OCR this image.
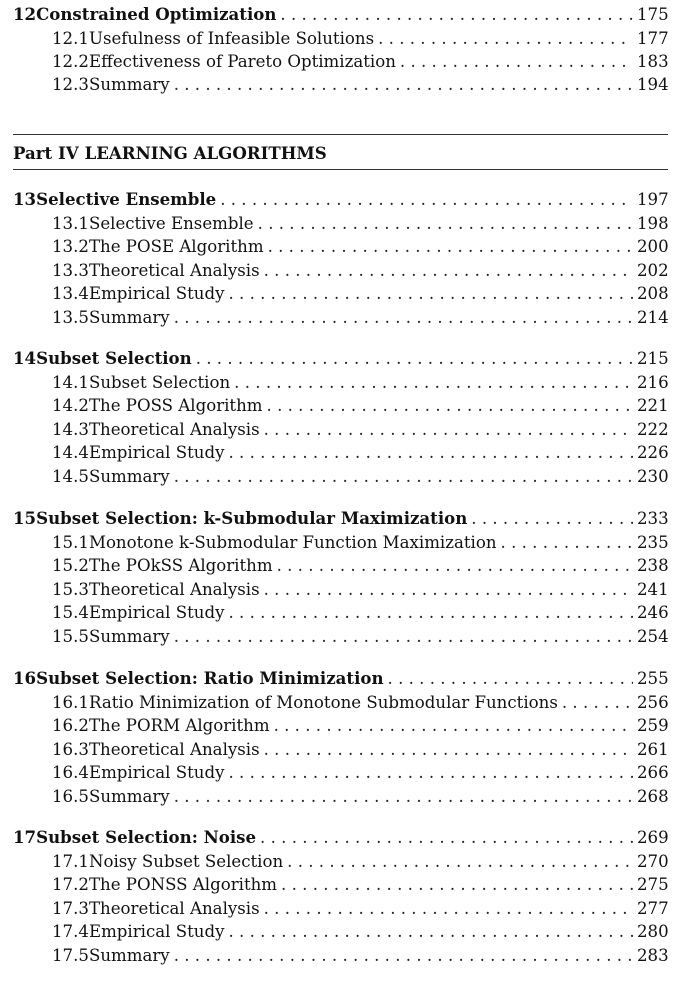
12 Constrained Optimization . . .	175
12.1 Usefulness of Infeasible Solutions . . .	177
12.2 Effectiveness of Pareto Optimization . . .	183
12.3 Summary . . .	194
Part IV LEARNING ALGORITHMS
13 Selective Ensemble . . .	197
13.1 Selective Ensemble . . .	198
13.2 The POSE Algorithm . . .	200
13.3 Theoretical Analysis . . .	202
13.4 Empirical Study . . .	208
13.5 Summary . . .	214
14 Subset Selection . . .	215
14.1 Subset Selection . . .	216
14.2 The POSS Algorithm . . .	221
14.3 Theoretical Analysis . . .	222
14.4 Empirical Study . . .	226
14.5 Summary . . .	230
15 Subset Selection: k-Submodular Maximization . . .	233
15.1 Monotone k-Submodular Function Maximization . . .	235
15.2 The POkSS Algorithm . . .	238
15.3 Theoretical Analysis . . .	241
15.4 Empirical Study . . .	246
15.5 Summary . . .	254
16 Subset Selection: Ratio Minimization . . .	255
16.1 Ratio Minimization of Monotone Submodular Functions . . .	256
16.2 The PORM Algorithm . . .	259
16.3 Theoretical Analysis . . .	261
16.4 Empirical Study . . .	266
16.5 Summary . . .	268
17 Subset Selection: Noise . . .	269
17.1 Noisy Subset Selection . . .	270
17.2 The PONSS Algorithm . . .	275
17.3 Theoretical Analysis . . .	277
17.4 Empirical Study . . .	280
17.5 Summary . . .	283
